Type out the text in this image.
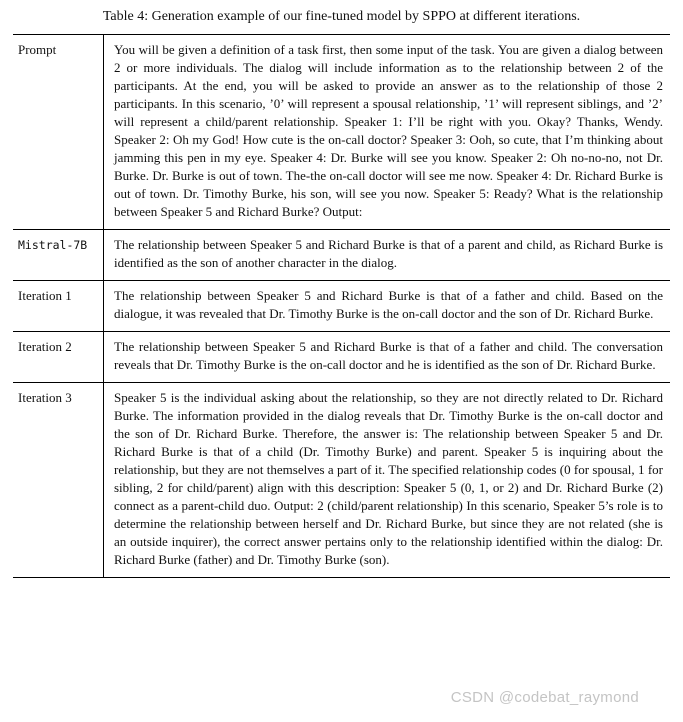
Table 4: Generation example of our fine-tuned model by SPPO at different iterations.
Prompt	You will be given a definition of a task first, then some input of the task. You are given a dialog between 2 or more individuals. The dialog will include information as to the relationship between 2 of the participants. At the end, you will be asked to provide an answer as to the relationship of those 2 participants. In this scenario, ’0’ will represent a spousal relationship, ’1’ will represent siblings, and ’2’ will represent a child/parent relationship. Speaker 1: I’ll be right with you. Okay? Thanks, Wendy. Speaker 2: Oh my God! How cute is the on-call doctor? Speaker 3: Ooh, so cute, that I’m thinking about jamming this pen in my eye. Speaker 4: Dr. Burke will see you know. Speaker 2: Oh no-no-no, not Dr. Burke. Dr. Burke is out of town. The-the on-call doctor will see me now. Speaker 4: Dr. Richard Burke is out of town. Dr. Timothy Burke, his son, will see you now. Speaker 5: Ready? What is the relationship between Speaker 5 and Richard Burke? Output:
Mistral-7B	The relationship between Speaker 5 and Richard Burke is that of a parent and child, as Richard Burke is identified as the son of another character in the dialog.
Iteration 1	The relationship between Speaker 5 and Richard Burke is that of a father and child. Based on the dialogue, it was revealed that Dr. Timothy Burke is the on-call doctor and the son of Dr. Richard Burke.
Iteration 2	The relationship between Speaker 5 and Richard Burke is that of a father and child. The conversation reveals that Dr. Timothy Burke is the on-call doctor and he is identified as the son of Dr. Richard Burke.
Iteration 3	Speaker 5 is the individual asking about the relationship, so they are not directly related to Dr. Richard Burke. The information provided in the dialog reveals that Dr. Timothy Burke is the on-call doctor and the son of Dr. Richard Burke. Therefore, the answer is: The relationship between Speaker 5 and Dr. Richard Burke is that of a child (Dr. Timothy Burke) and parent. Speaker 5 is inquiring about the relationship, but they are not themselves a part of it. The specified relationship codes (0 for spousal, 1 for sibling, 2 for child/parent) align with this description: Speaker 5 (0, 1, or 2) and Dr. Richard Burke (2) connect as a parent-child duo. Output: 2 (child/parent relationship) In this scenario, Speaker 5’s role is to determine the relationship between herself and Dr. Richard Burke, but since they are not related (she is an outside inquirer), the correct answer pertains only to the relationship identified within the dialog: Dr. Richard Burke (father) and Dr. Timothy Burke (son).
CSDN @codebat_raymond
